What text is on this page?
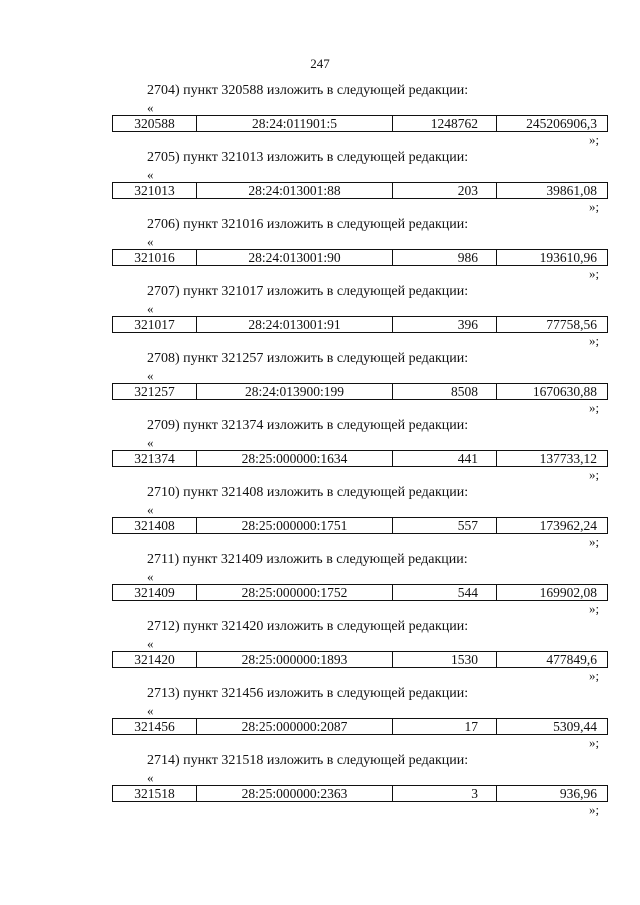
247
2704) пункт 320588 изложить в следующей редакции:
«
320588	28:24:011901:5	1248762	245206906,3
»;
2705) пункт 321013 изложить в следующей редакции:
«
321013	28:24:013001:88	203	39861,08
»;
2706) пункт 321016 изложить в следующей редакции:
«
321016	28:24:013001:90	986	193610,96
»;
2707) пункт 321017 изложить в следующей редакции:
«
321017	28:24:013001:91	396	77758,56
»;
2708) пункт 321257 изложить в следующей редакции:
«
321257	28:24:013900:199	8508	1670630,88
»;
2709) пункт 321374 изложить в следующей редакции:
«
321374	28:25:000000:1634	441	137733,12
»;
2710) пункт 321408 изложить в следующей редакции:
«
321408	28:25:000000:1751	557	173962,24
»;
2711) пункт 321409 изложить в следующей редакции:
«
321409	28:25:000000:1752	544	169902,08
»;
2712) пункт 321420 изложить в следующей редакции:
«
321420	28:25:000000:1893	1530	477849,6
»;
2713) пункт 321456 изложить в следующей редакции:
«
321456	28:25:000000:2087	17	5309,44
»;
2714) пункт 321518 изложить в следующей редакции:
«
321518	28:25:000000:2363	3	936,96
»;
